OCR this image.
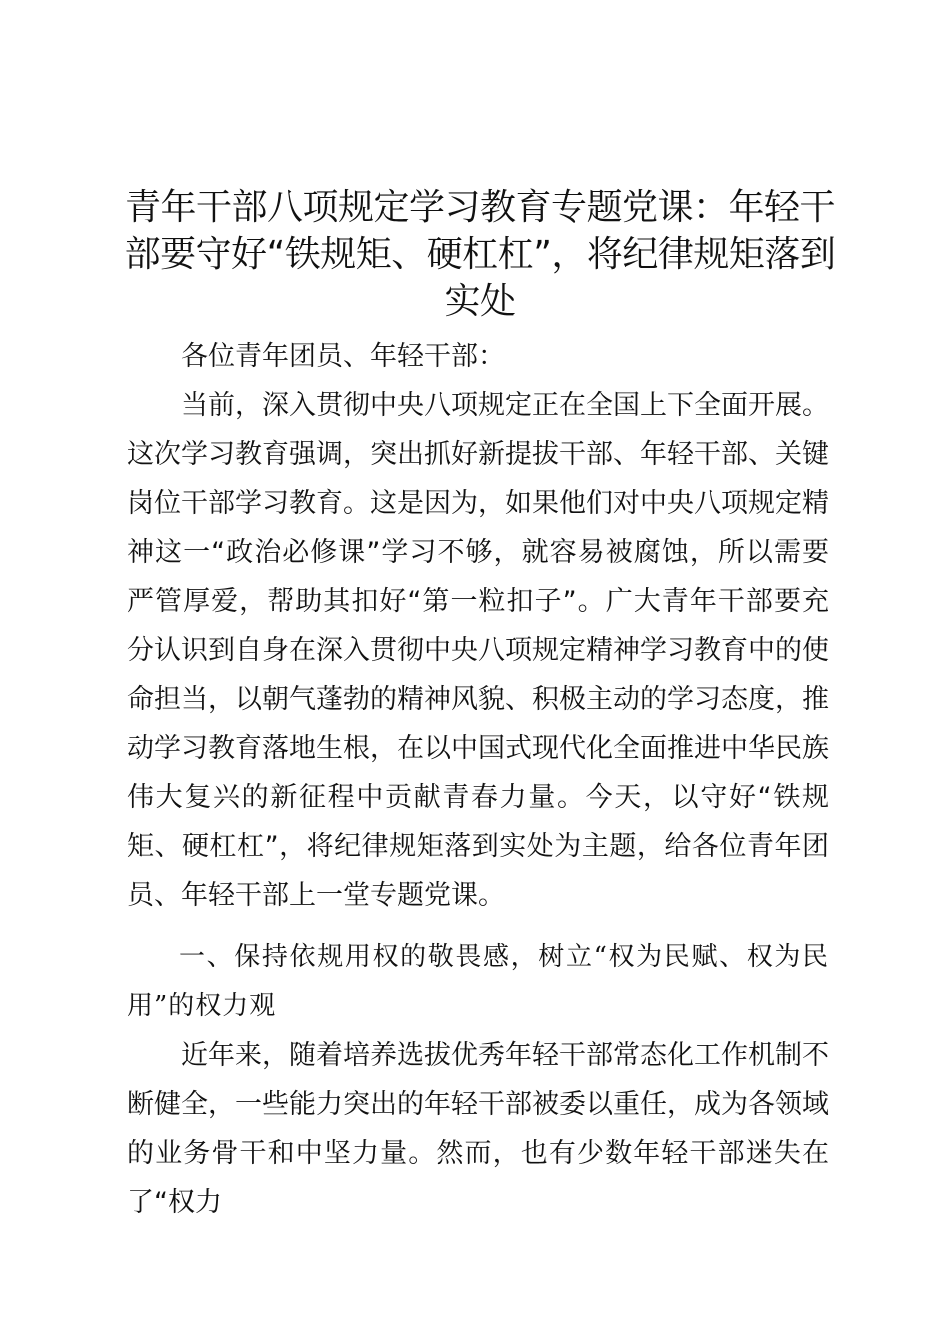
青年干部八项规定学习教育专题党课：年轻干部要守好“铁规矩、硬杠杠”，将纪律规矩落到实处

各位青年团员、年轻干部：

当前，深入贯彻中央八项规定正在全国上下全面开展。这次学习教育强调，突出抓好新提拔干部、年轻干部、关键岗位干部学习教育。这是因为，如果他们对中央八项规定精神这一“政治必修课”学习不够，就容易被腐蚀，所以需要严管厚爱，帮助其扣好“第一粒扣子”。广大青年干部要充分认识到自身在深入贯彻中央八项规定精神学习教育中的使命担当，以朝气蓬勃的精神风貌、积极主动的学习态度，推动学习教育落地生根，在以中国式现代化全面推进中华民族伟大复兴的新征程中贡献青春力量。今天，以守好“铁规矩、硬杠杠”，将纪律规矩落到实处为主题，给各位青年团员、年轻干部上一堂专题党课。

一、保持依规用权的敬畏感，树立“权为民赋、权为民用”的权力观

近年来，随着培养选拔优秀年轻干部常态化工作机制不断健全，一些能力突出的年轻干部被委以重任，成为各领域的业务骨干和中坚力量。然而，也有少数年轻干部迷失在了“权力
